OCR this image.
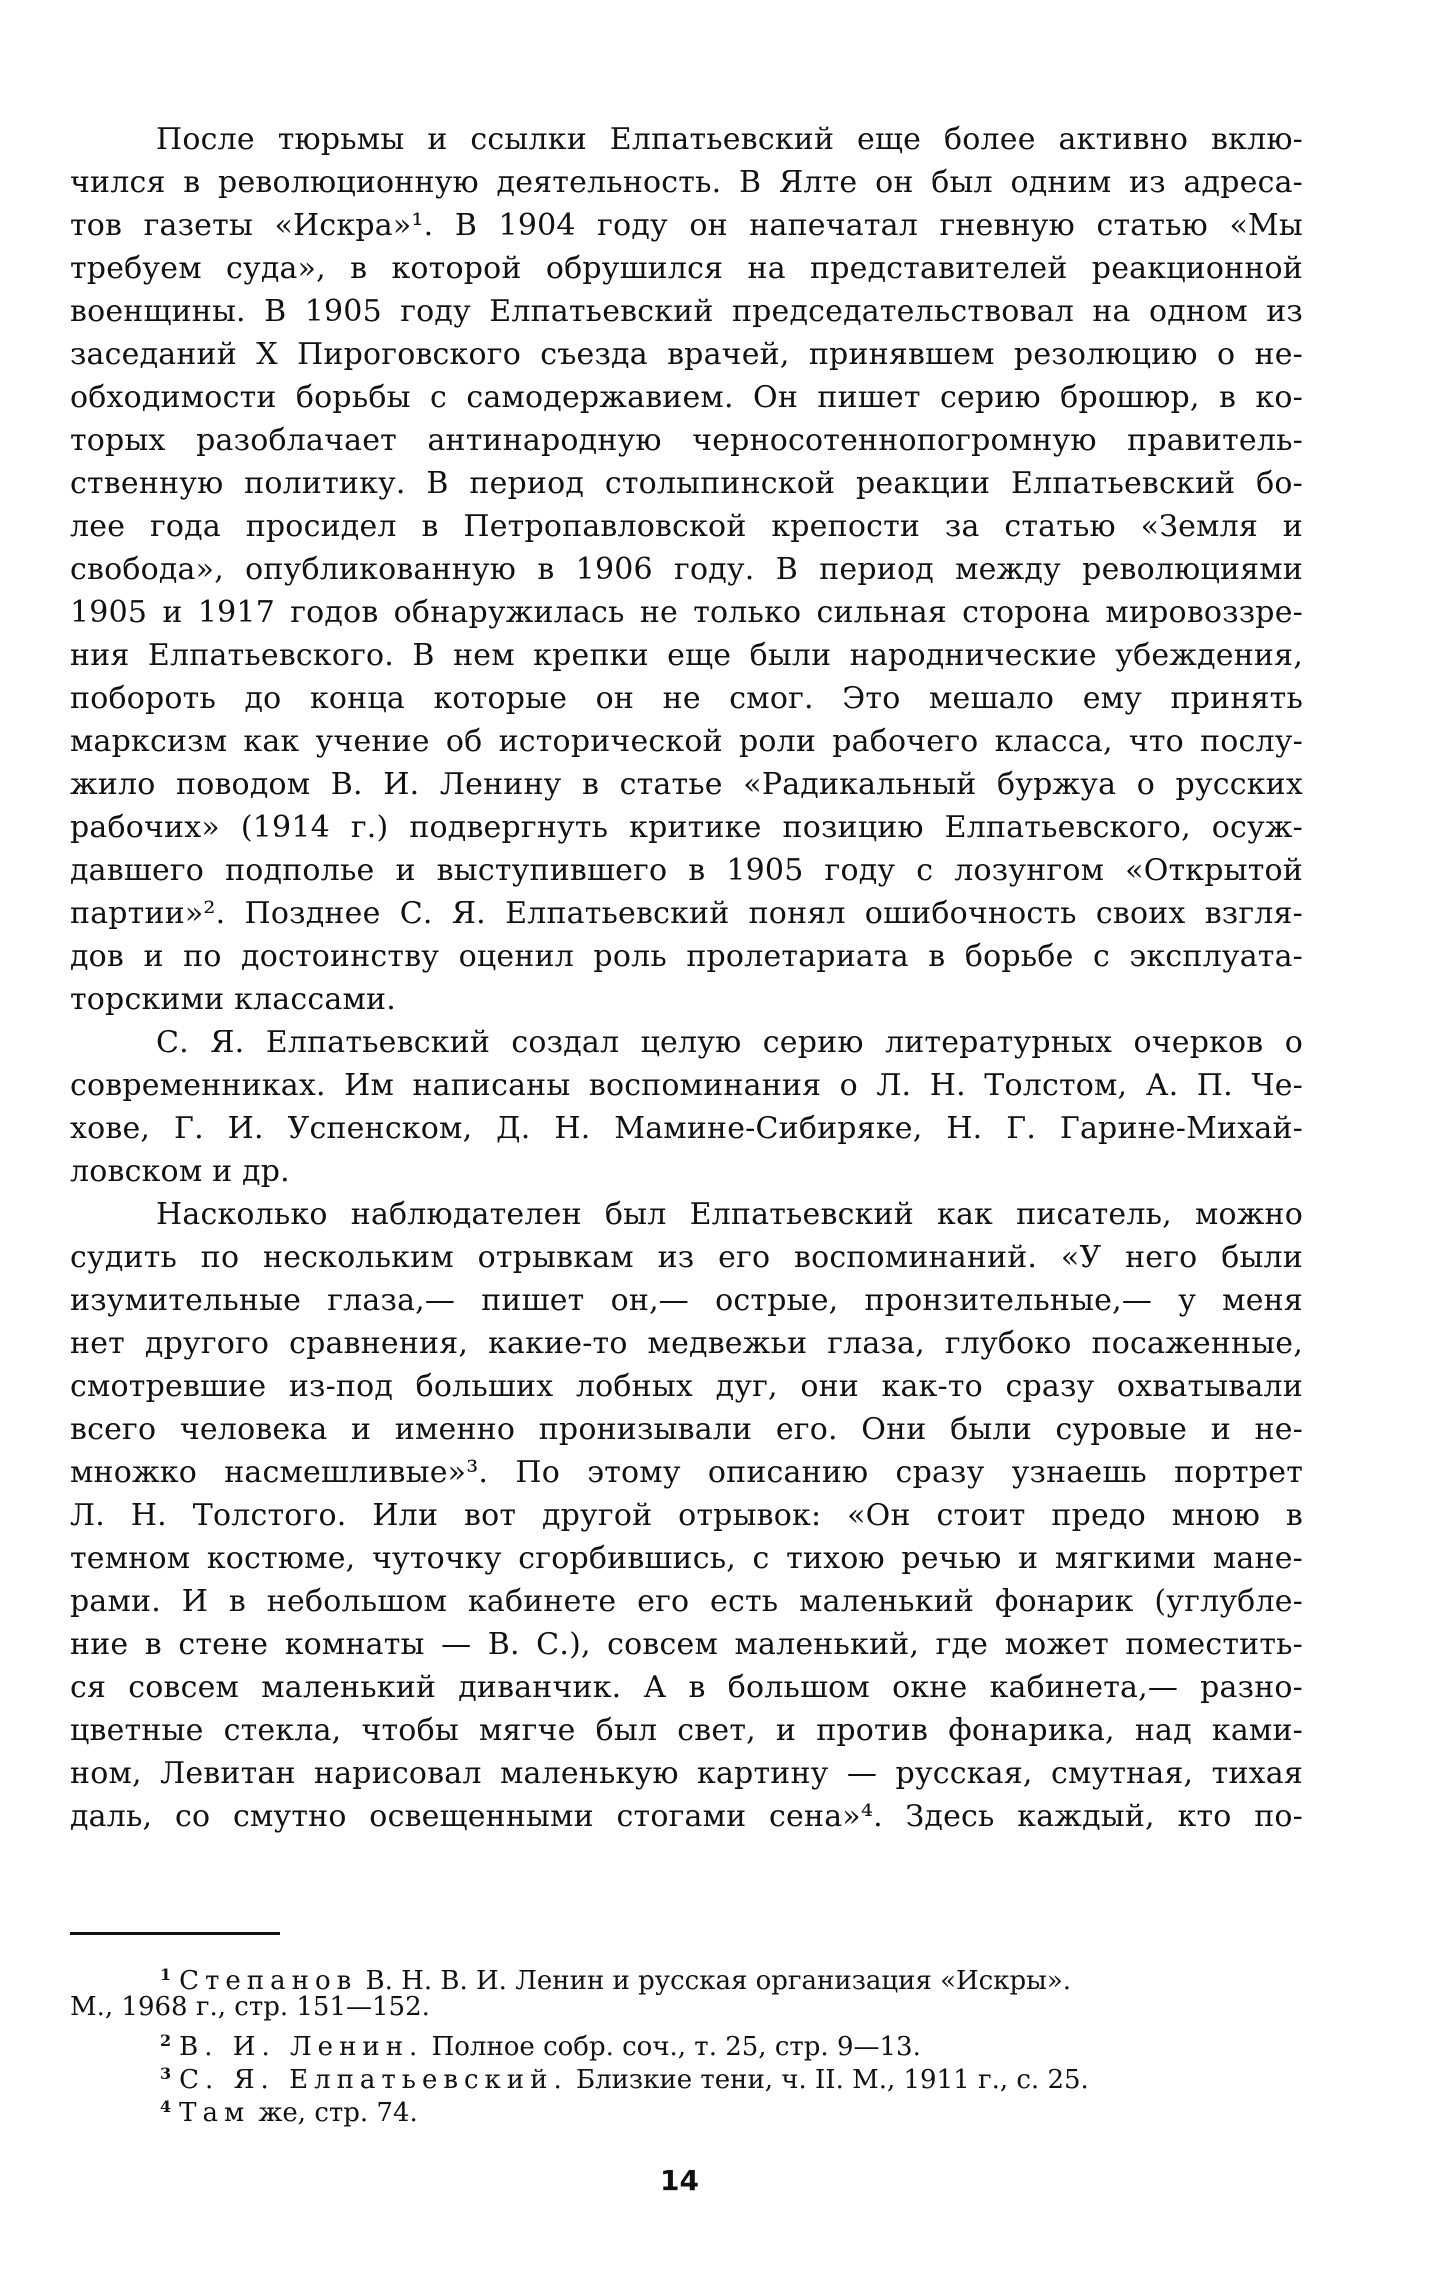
После тюрьмы и ссылки Елпатьевский еще более активно вклю-
чился в революционную деятельность. В Ялте он был одним из адреса-
тов газеты «Искра»¹. В 1904 году он напечатал гневную статью «Мы
требуем суда», в которой обрушился на представителей реакционной
военщины. В 1905 году Елпатьевский председательствовал на одном из
заседаний X Пироговского съезда врачей, принявшем резолюцию о не-
обходимости борьбы с самодержавием. Он пишет серию брошюр, в ко-
торых разоблачает антинародную черносотеннопогромную правитель-
ственную политику. В период столыпинской реакции Елпатьевский бо-
лее года просидел в Петропавловской крепости за статью «Земля и
свобода», опубликованную в 1906 году. В период между революциями
1905 и 1917 годов обнаружилась не только сильная сторона мировоззре-
ния Елпатьевского. В нем крепки еще были народнические убеждения,
побороть до конца которые он не смог. Это мешало ему принять
марксизм как учение об исторической роли рабочего класса, что послу-
жило поводом В. И. Ленину в статье «Радикальный буржуа о русских
рабочих» (1914 г.) подвергнуть критике позицию Елпатьевского, осуж-
давшего подполье и выступившего в 1905 году с лозунгом «Открытой
партии»². Позднее С. Я. Елпатьевский понял ошибочность своих взгля-
дов и по достоинству оценил роль пролетариата в борьбе с эксплуата-
торскими классами.
С. Я. Елпатьевский создал целую серию литературных очерков о
современниках. Им написаны воспоминания о Л. Н. Толстом, А. П. Че-
хове, Г. И. Успенском, Д. Н. Мамине-Сибиряке, Н. Г. Гарине-Михай-
ловском и др.
Насколько наблюдателен был Елпатьевский как писатель, можно
судить по нескольким отрывкам из его воспоминаний. «У него были
изумительные глаза,— пишет он,— острые, пронзительные,— у меня
нет другого сравнения, какие-то медвежьи глаза, глубоко посаженные,
смотревшие из-под больших лобных дуг, они как-то сразу охватывали
всего человека и именно пронизывали его. Они были суровые и не-
множко насмешливые»³. По этому описанию сразу узнаешь портрет
Л. Н. Толстого. Или вот другой отрывок: «Он стоит предо мною в
темном костюме, чуточку сгорбившись, с тихою речью и мягкими мане-
рами. И в небольшом кабинете его есть маленький фонарик (углубле-
ние в стене комнаты — В. С.), совсем маленький, где может поместить-
ся совсем маленький диванчик. А в большом окне кабинета,— разно-
цветные стекла, чтобы мягче был свет, и против фонарика, над ками-
ном, Левитан нарисовал маленькую картину — русская, смутная, тихая
даль, со смутно освещенными стогами сена»⁴. Здесь каждый, кто по-
$^1$ Степанов В. Н. В. И. Ленин и русская организация «Искры».
М., 1968 г., стр. 151—152.
$^2$ В. И. Ленин. Полное собр. соч., т. 25, стр. 9—13.
$^3$ С. Я. Елпатьевский. Близкие тени, ч. II. М., 1911 г., с. 25.
$^4$ Там же, стр. 74.
14
